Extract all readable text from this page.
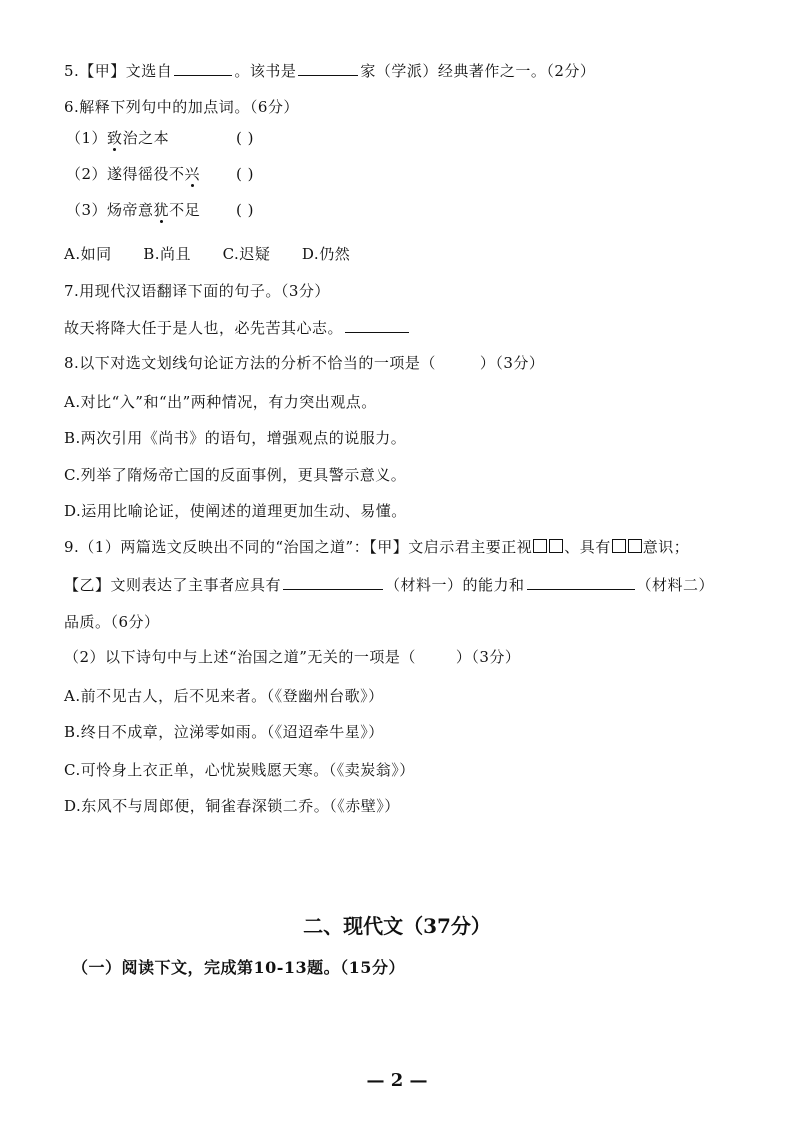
5.【甲】文选自	。该书是	家（学派）经典著作之一。（2分）
6.解释下列句中的加点词。（6分）
（1）致治之本	( )
（2）遂得徭役不兴 ( )
（3）炀帝意犹不足 ( )
A.如同      B.尚且      C.迟疑      D.仍然
7.用现代汉语翻译下面的句子。（3分）
故天将降大任于是人也，必先苦其心志。
8.以下对选文划线句论证方法的分析不恰当的一项是（	）（3分）
A.对比“入”和“出”两种情况，有力突出观点。
B.两次引用《尚书》的语句，增强观点的说服力。
C.列举了隋炀帝亡国的反面事例，更具警示意义。
D.运用比喻论证，使阐述的道理更加生动、易懂。
9.（1）两篇选文反映出不同的“治国之道”：【甲】文启示君主要正视 、具有 意识；
【乙】文则表达了主事者应具有	（材料一）的能力和	（材料二）
品质。（6分）
（2）以下诗句中与上述“治国之道”无关的一项是（	）（3分）
A.前不见古人，后不见来者。（《登幽州台歌》）
B.终日不成章，泣涕零如雨。（《迢迢牵牛星》）
C.可怜身上衣正单，心忧炭贱愿天寒。（《卖炭翁》）
D.东风不与周郎便，铜雀春深锁二乔。（《赤壁》）
二、现代文（37分）
（一）阅读下文，完成第10-13题。（15分）
— 2 —
